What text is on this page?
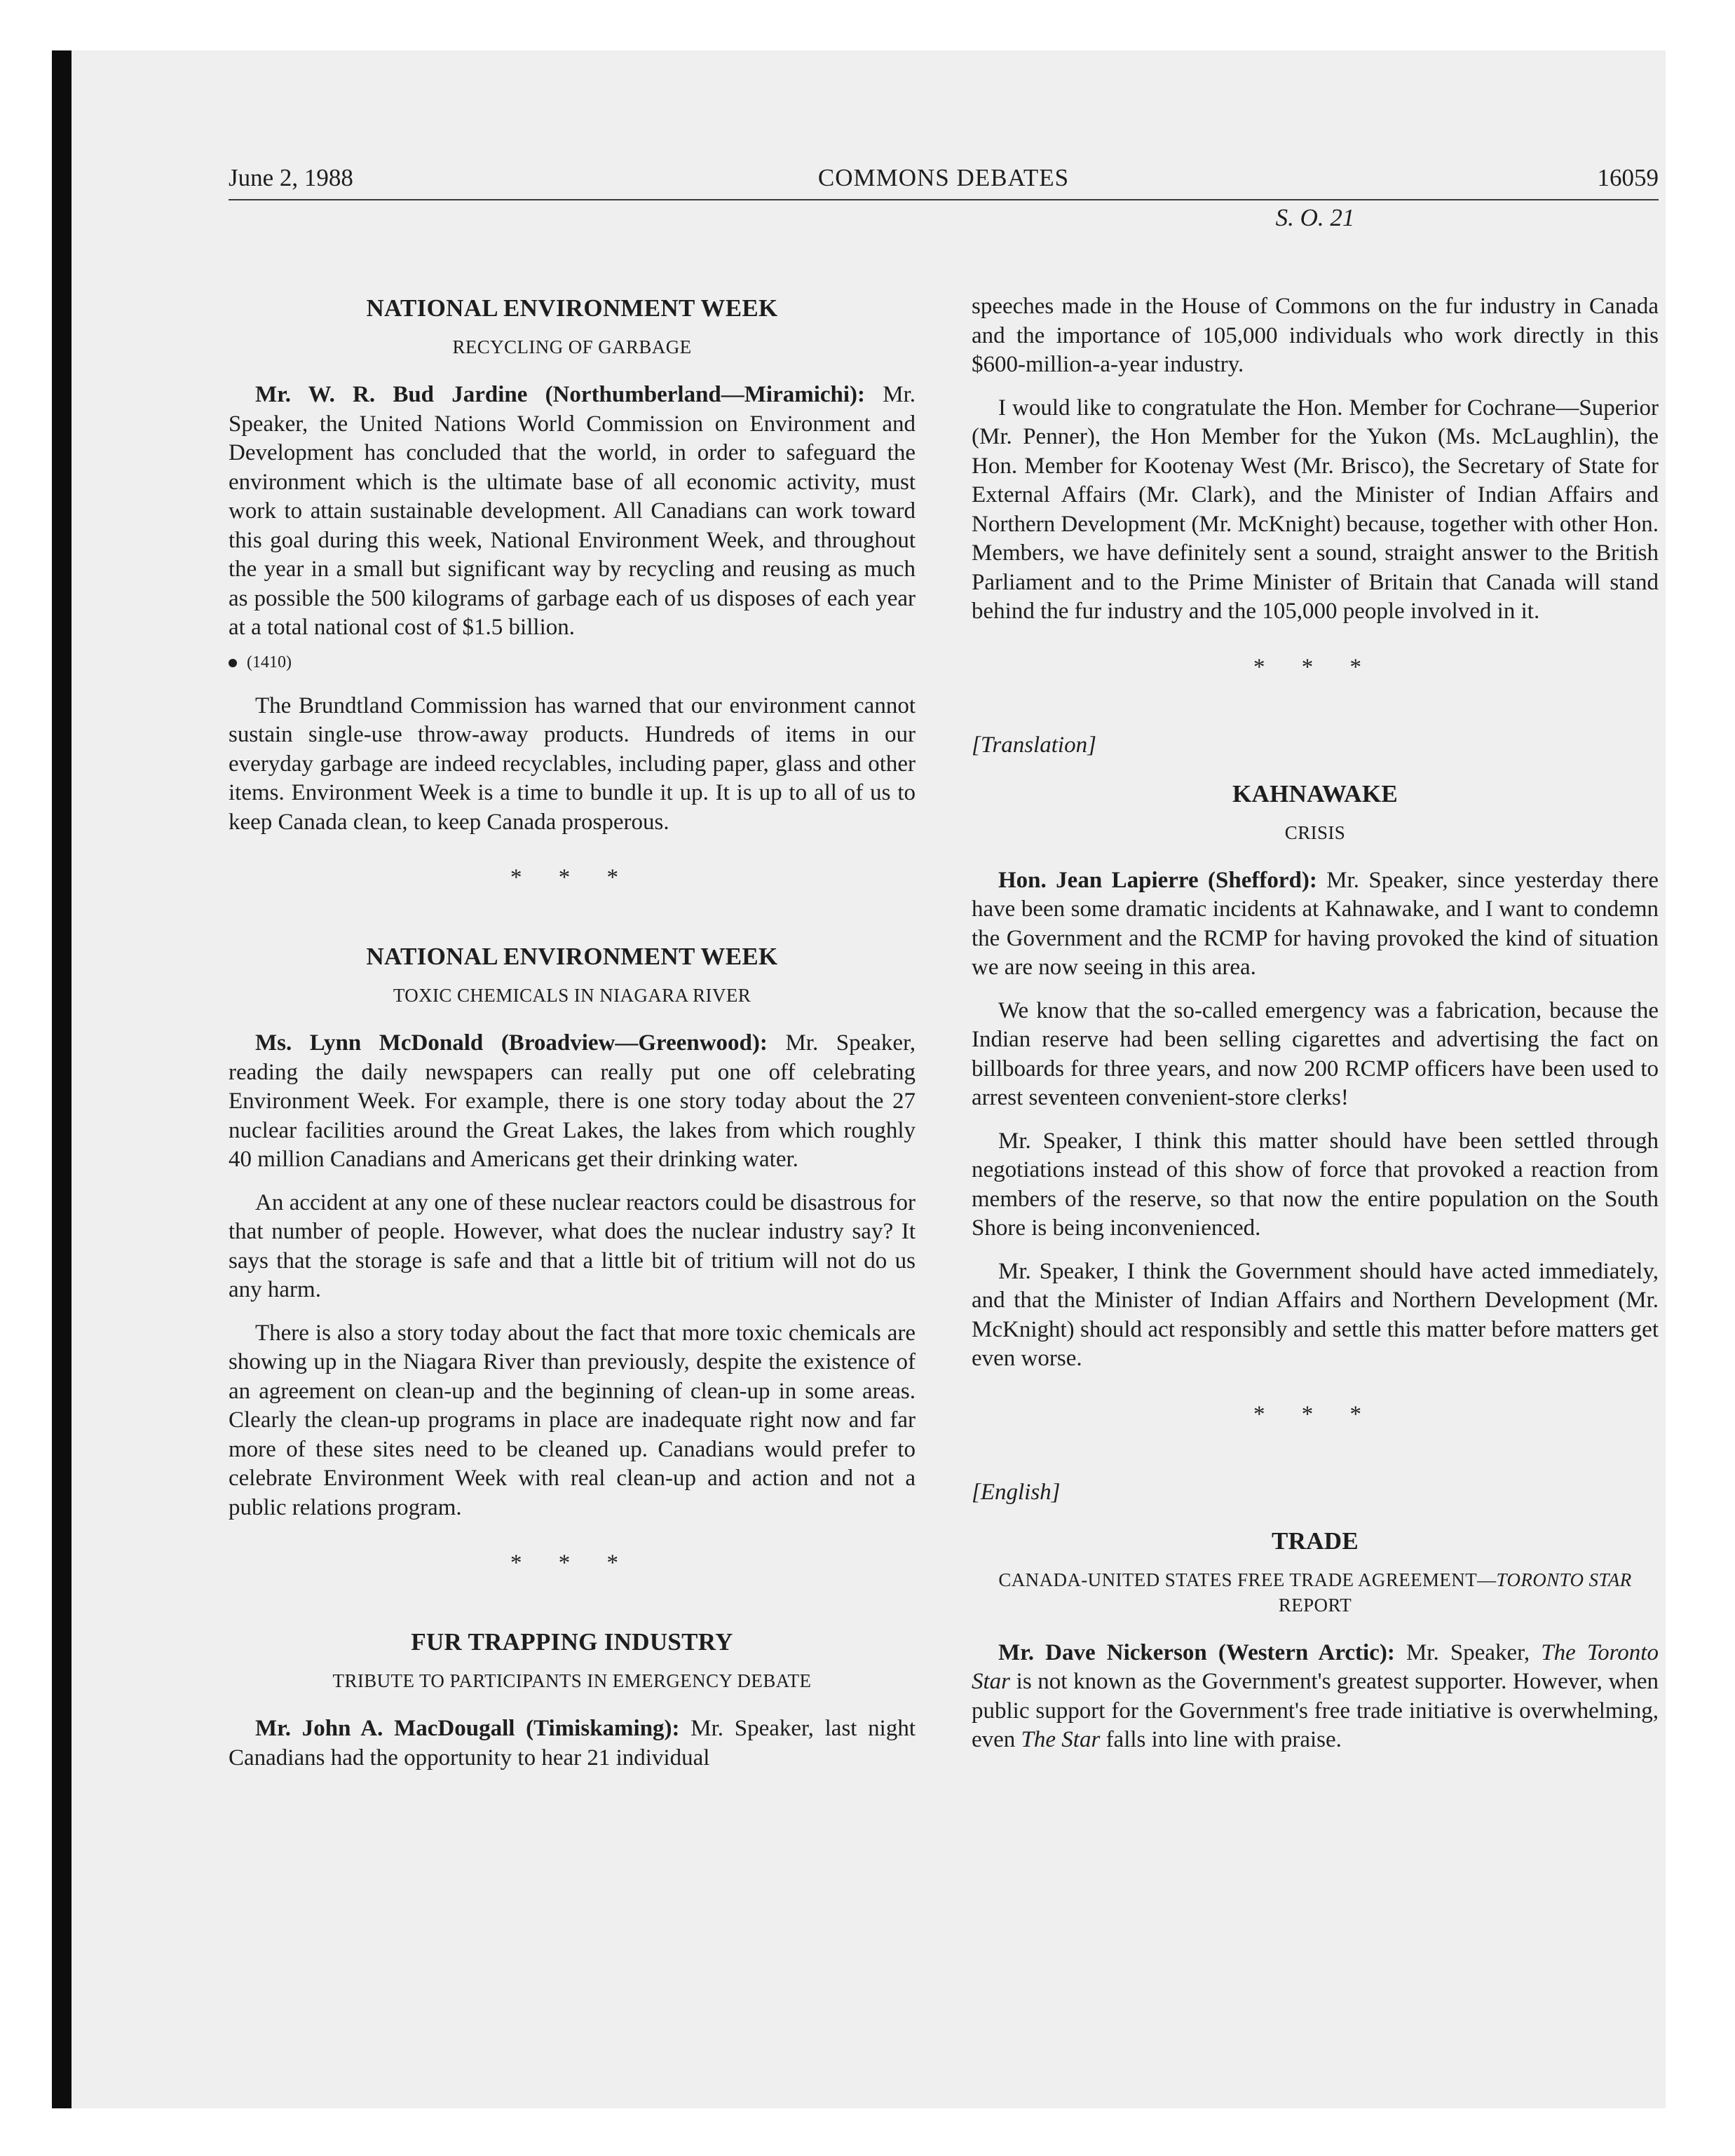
June 2, 1988	COMMONS DEBATES	16059
S. O. 21
NATIONAL ENVIRONMENT WEEK
RECYCLING OF GARBAGE

Mr. W. R. Bud Jardine (Northumberland—Miramichi): Mr. Speaker, the United Nations World Commission on Environment and Development has concluded that the world, in order to safeguard the environment which is the ultimate base of all economic activity, must work to attain sustainable development. All Canadians can work toward this goal during this week, National Environment Week, and throughout the year in a small but significant way by recycling and reusing as much as possible the 500 kilograms of garbage each of us disposes of each year at a total national cost of $1.5 billion.

(1410)

The Brundtland Commission has warned that our environment cannot sustain single-use throw-away products. Hundreds of items in our everyday garbage are indeed recyclables, including paper, glass and other items. Environment Week is a time to bundle it up. It is up to all of us to keep Canada clean, to keep Canada prosperous.

* * *
NATIONAL ENVIRONMENT WEEK
TOXIC CHEMICALS IN NIAGARA RIVER

Ms. Lynn McDonald (Broadview—Greenwood): Mr. Speaker, reading the daily newspapers can really put one off celebrating Environment Week. For example, there is one story today about the 27 nuclear facilities around the Great Lakes, the lakes from which roughly 40 million Canadians and Americans get their drinking water.

An accident at any one of these nuclear reactors could be disastrous for that number of people. However, what does the nuclear industry say? It says that the storage is safe and that a little bit of tritium will not do us any harm.

There is also a story today about the fact that more toxic chemicals are showing up in the Niagara River than previously, despite the existence of an agreement on clean-up and the beginning of clean-up in some areas. Clearly the clean-up programs in place are inadequate right now and far more of these sites need to be cleaned up. Canadians would prefer to celebrate Environment Week with real clean-up and action and not a public relations program.

* * *
FUR TRAPPING INDUSTRY
TRIBUTE TO PARTICIPANTS IN EMERGENCY DEBATE

Mr. John A. MacDougall (Timiskaming): Mr. Speaker, last night Canadians had the opportunity to hear 21 individual

speeches made in the House of Commons on the fur industry in Canada and the importance of 105,000 individuals who work directly in this $600-million-a-year industry.

I would like to congratulate the Hon. Member for Cochrane—Superior (Mr. Penner), the Hon Member for the Yukon (Ms. McLaughlin), the Hon. Member for Kootenay West (Mr. Brisco), the Secretary of State for External Affairs (Mr. Clark), and the Minister of Indian Affairs and Northern Development (Mr. McKnight) because, together with other Hon. Members, we have definitely sent a sound, straight answer to the British Parliament and to the Prime Minister of Britain that Canada will stand behind the fur industry and the 105,000 people involved in it.

* * *
[Translation]
KAHNAWAKE
CRISIS

Hon. Jean Lapierre (Shefford): Mr. Speaker, since yesterday there have been some dramatic incidents at Kahnawake, and I want to condemn the Government and the RCMP for having provoked the kind of situation we are now seeing in this area.

We know that the so-called emergency was a fabrication, because the Indian reserve had been selling cigarettes and advertising the fact on billboards for three years, and now 200 RCMP officers have been used to arrest seventeen convenient-store clerks!

Mr. Speaker, I think this matter should have been settled through negotiations instead of this show of force that provoked a reaction from members of the reserve, so that now the entire population on the South Shore is being inconvenienced.

Mr. Speaker, I think the Government should have acted immediately, and that the Minister of Indian Affairs and Northern Development (Mr. McKnight) should act responsibly and settle this matter before matters get even worse.

* * *
[English]
TRADE
CANADA-UNITED STATES FREE TRADE AGREEMENT—TORONTO STAR REPORT

Mr. Dave Nickerson (Western Arctic): Mr. Speaker, The Toronto Star is not known as the Government's greatest supporter. However, when public support for the Government's free trade initiative is overwhelming, even The Star falls into line with praise.
